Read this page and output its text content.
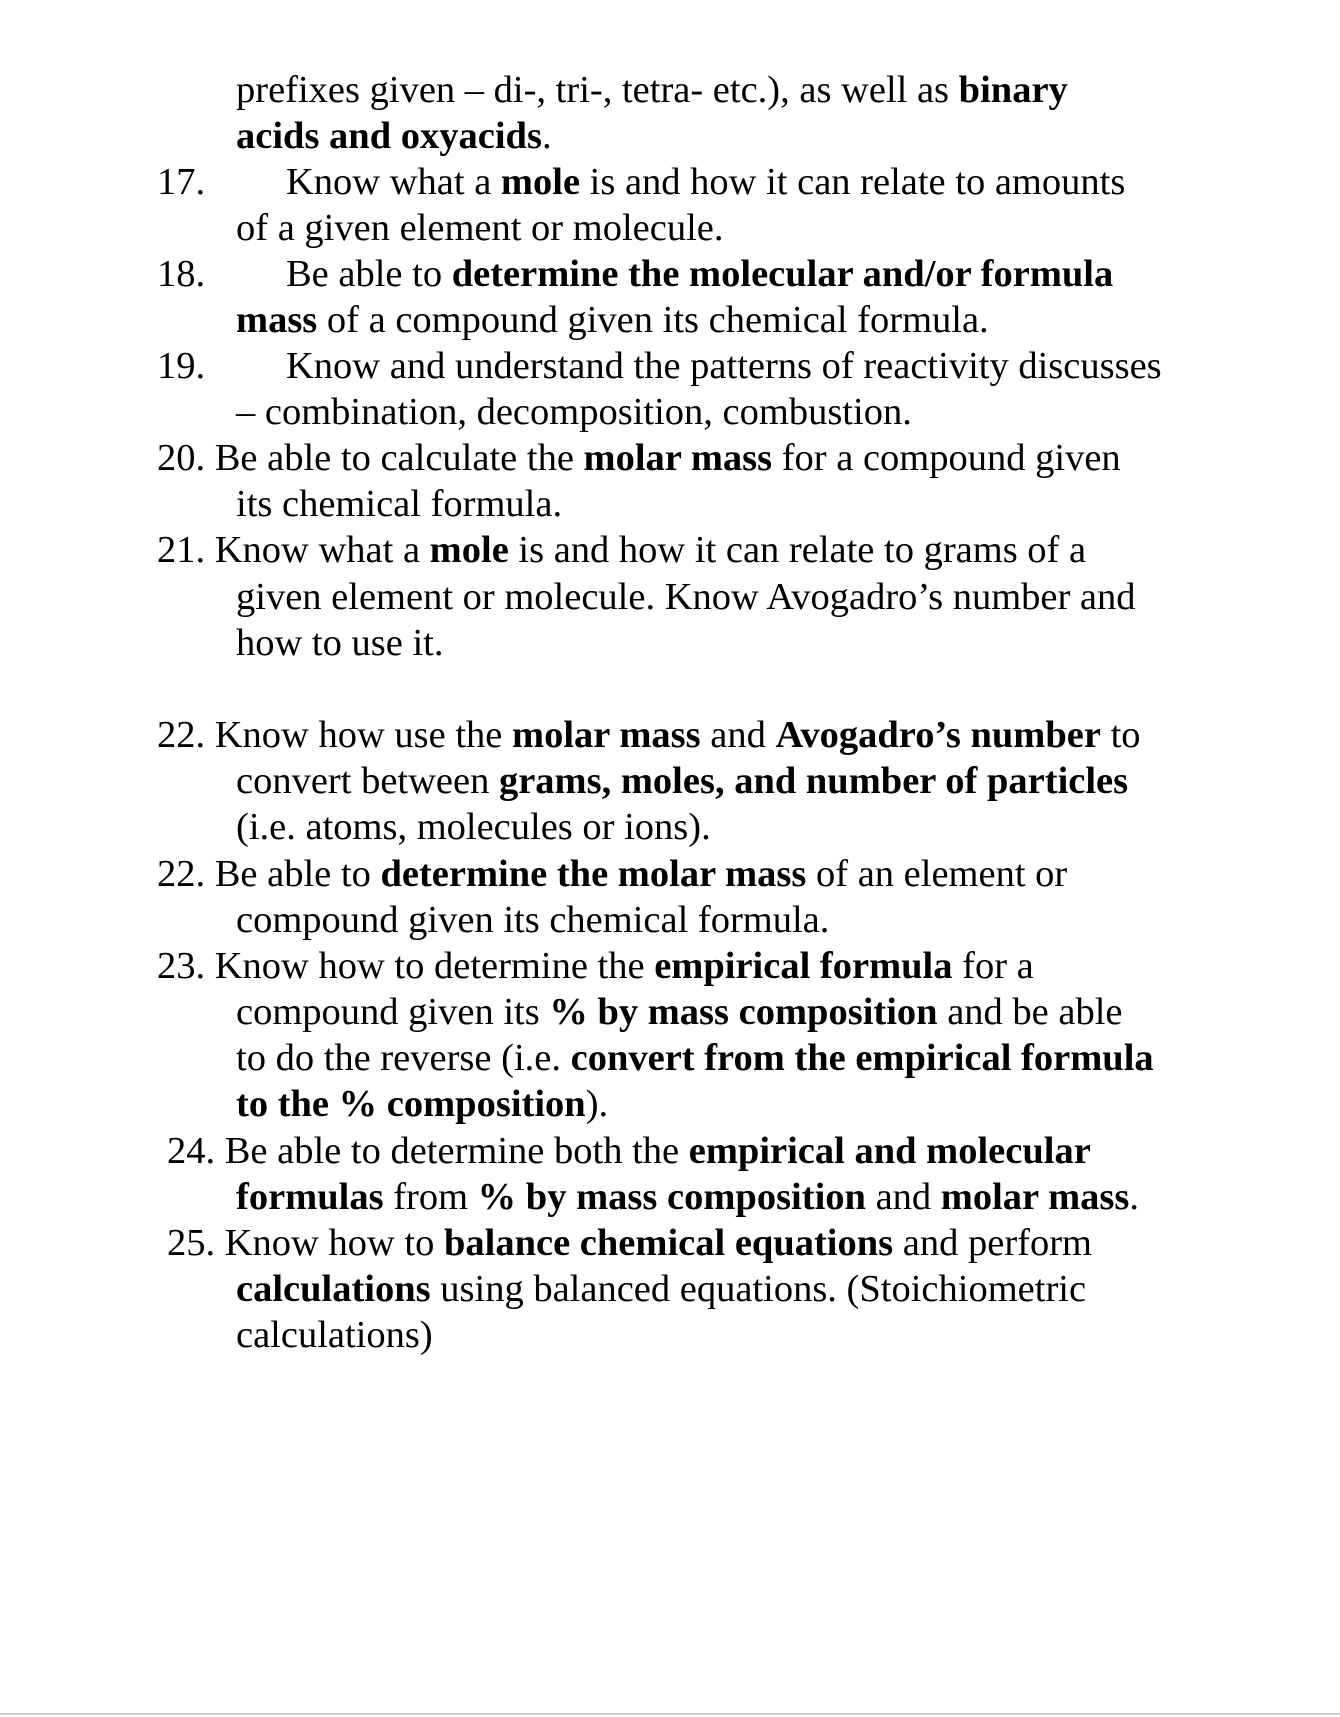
prefixes given – di-, tri-, tetra- etc.), as well as binary
acids and oxyacids.
17. Know what a mole is and how it can relate to amounts
of a given element or molecule.
18. Be able to determine the molecular and/or formula
mass of a compound given its chemical formula.
19. Know and understand the patterns of reactivity discusses
– combination, decomposition, combustion.
20. Be able to calculate the molar mass for a compound given
its chemical formula.
21. Know what a mole is and how it can relate to grams of a
given element or molecule. Know Avogadro’s number and
how to use it.
22. Know how use the molar mass and Avogadro’s number to
convert between grams, moles, and number of particles
(i.e. atoms, molecules or ions).
22. Be able to determine the molar mass of an element or
compound given its chemical formula.
23. Know how to determine the empirical formula for a
compound given its % by mass composition and be able
to do the reverse (i.e. convert from the empirical formula
to the % composition).
24. Be able to determine both the empirical and molecular
formulas from % by mass composition and molar mass.
25. Know how to balance chemical equations and perform
calculations using balanced equations. (Stoichiometric
calculations)
